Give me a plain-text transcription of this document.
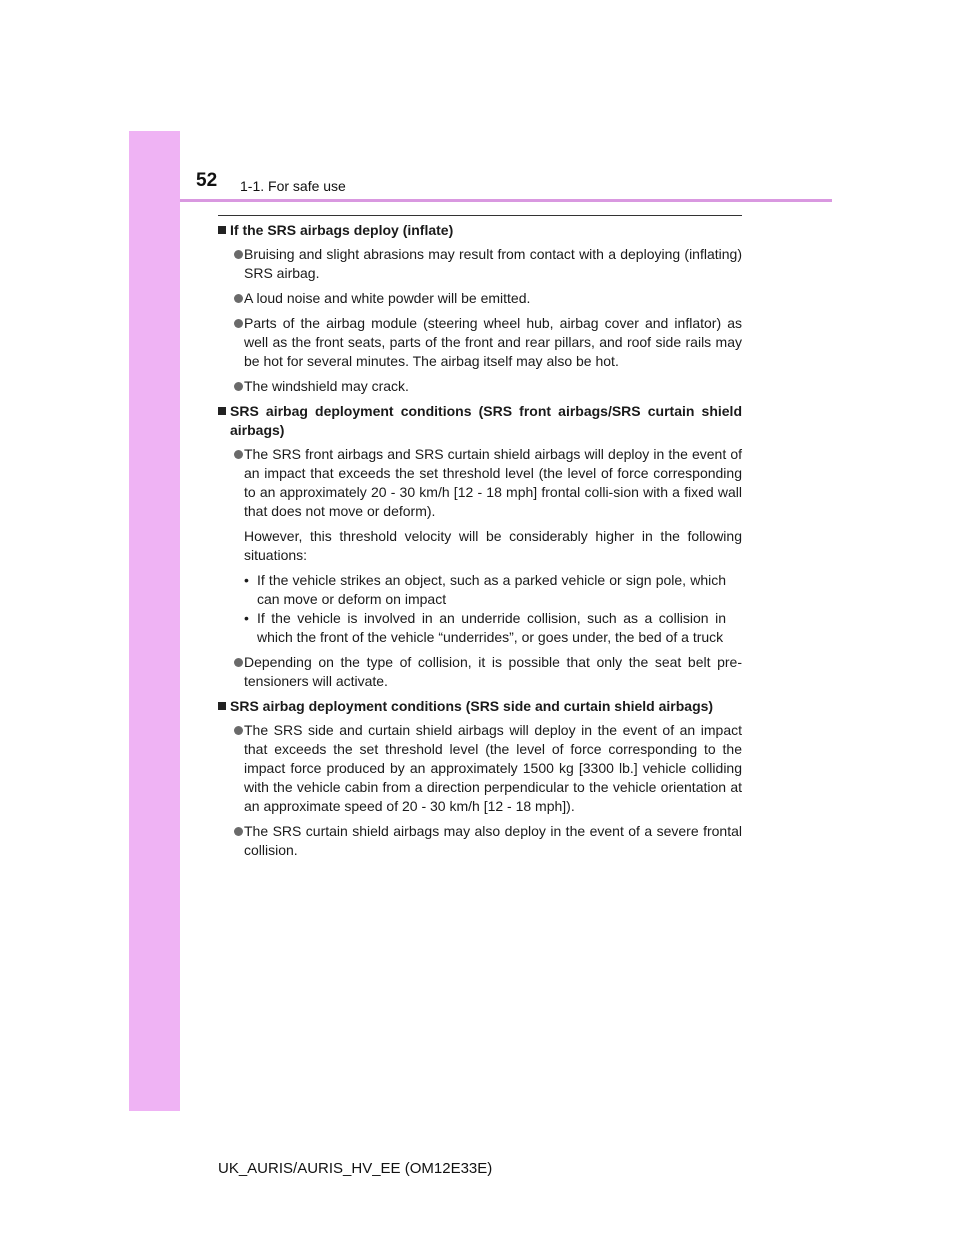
52 1-1. For safe use
If the SRS airbags deploy (inflate)
Bruising and slight abrasions may result from contact with a deploying (inflating) SRS airbag.
A loud noise and white powder will be emitted.
Parts of the airbag module (steering wheel hub, airbag cover and inflator) as well as the front seats, parts of the front and rear pillars, and roof side rails may be hot for several minutes. The airbag itself may also be hot.
The windshield may crack.
SRS airbag deployment conditions (SRS front airbags/SRS curtain shield airbags)
The SRS front airbags and SRS curtain shield airbags will deploy in the event of an impact that exceeds the set threshold level (the level of force corresponding to an approximately 20 - 30 km/h [12 - 18 mph] frontal colli-sion with a fixed wall that does not move or deform).
However, this threshold velocity will be considerably higher in the following situations:
• If the vehicle strikes an object, such as a parked vehicle or sign pole, which can move or deform on impact
• If the vehicle is involved in an underride collision, such as a collision in which the front of the vehicle “underrides”, or goes under, the bed of a truck
Depending on the type of collision, it is possible that only the seat belt pre-tensioners will activate.
SRS airbag deployment conditions (SRS side and curtain shield airbags)
The SRS side and curtain shield airbags will deploy in the event of an impact that exceeds the set threshold level (the level of force corresponding to the impact force produced by an approximately 1500 kg [3300 lb.] vehicle colliding with the vehicle cabin from a direction perpendicular to the vehicle orientation at an approximate speed of 20 - 30 km/h [12 - 18 mph]).
The SRS curtain shield airbags may also deploy in the event of a severe frontal collision.
UK_AURIS/AURIS_HV_EE (OM12E33E)
